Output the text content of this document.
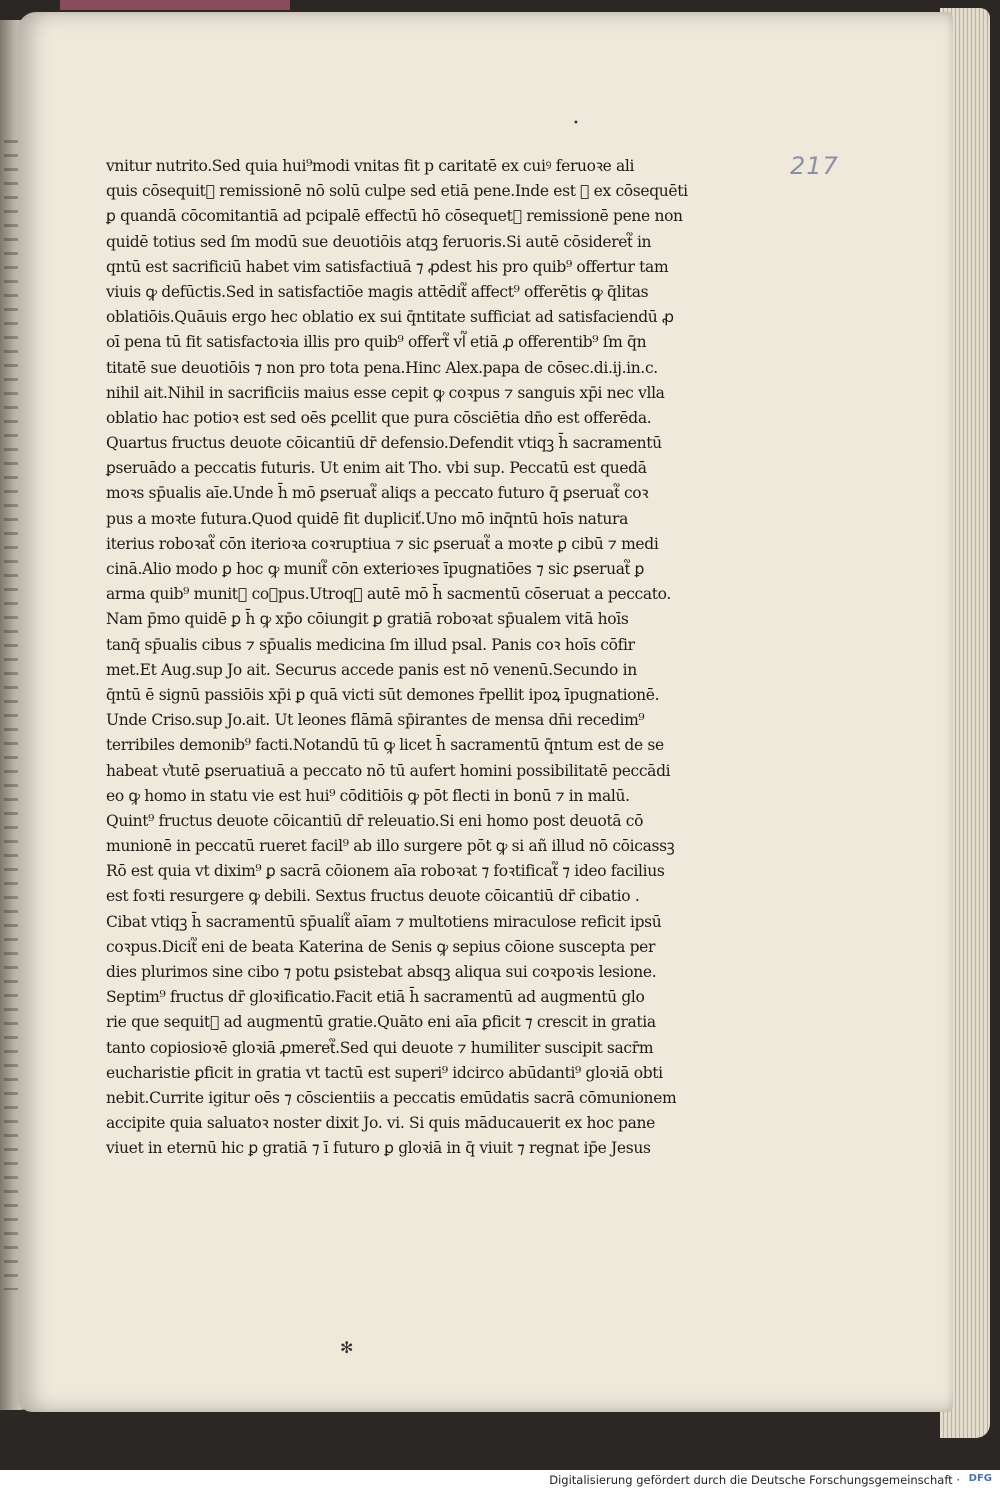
•
217
vnitur nutrito.Sed quia hui⁹modi vnitas fit p caritatē ex cuiꝰ feruoꝛe ali
quis cōsequit᷑ remissionē nō solū culpe sed etiā pene.Inde est ꝙ ex cōsequēti
ꝑ quandā cōcomitantiā ad pcipalē effectū hō cōsequet᷑ remissionē pene non
quidē totius sed ſm modū sue deuotiōis atqꝫ feruoris.Si autē cōsideret᷑ in
qntū est sacrificiū habet vim satisfactiuā ⁊ ꝓdest his pro quib⁹ offertur tam
viuis ꝙ defūctis.Sed in satisfactiōe magis attēdit᷑ affect⁹ offerētis ꝙ q̄litas
oblatiōis.Quāuis ergo hec oblatio ex sui q̄ntitate sufficiat ad satisfaciendū ꝓ
oī pena tū fit satisfactoꝛia illis pro quib⁹ offert᷑ vl᷑ etiā ꝓ offerentib⁹ ſm q̄n
titatē sue deuotiōis ⁊ non pro tota pena.Hinc Alex.papa de cōsec.di.ij.in.c.
nihil ait.Nihil in sacrificiis maius esse cepit ꝙ coꝛpus ⁊ sanguis xp̄i nec vlla
oblatio hac potioꝛ est sed oēs ꝑcellit que pura cōsciētia dn̄o est offerēda.
Quartus fructus deuote cōicantiū dr̄ defensio.Defendit vtiqꝫ h̄ sacramentū
ꝑseruādo a peccatis futuris. Ut enim ait Tho. vbi sup. Peccatū est quedā
moꝛs sp̄ualis aīe.Unde h̄ mō ꝑseruat᷑ aliqs a peccato futuro q̄ ꝑseruat᷑ coꝛ
pus a moꝛte futura.Quod quidē fit dupliciť.Uno mō inq̄ntū hoīs natura
iterius roboꝛat᷑ cōn iterioꝛa coꝛruptiua ⁊ sic ꝑseruat᷑ a moꝛte ꝑ cibū ⁊ medi
cinā.Alio modo ꝑ hoc ꝙ munit᷑ cōn exterioꝛes īpugnatiōes ⁊ sic ꝑseruat᷑ ꝑ
arma quib⁹ munit᷑ coꝛpus.Utroqꝫ autē mō h̄ sacmentū cōseruat a peccato.
Nam p̄mo quidē ꝑ h̄ ꝙ xp̄o cōiungit ꝑ gratiā roboꝛat sp̄ualem vitā hoīs
tanq̄ sp̄ualis cibus ⁊ sp̄ualis medicina ſm illud psal. Panis coꝛ hoīs cōfir
met.Et Aug.sup Jo ait. Securus accede panis est nō venenū.Secundo in
q̄ntū ē signū passiōis xp̄i ꝑ quā victi sūt demones r̄pellit ipoꝝ īpugnationē.
Unde Criso.sup Jo.ait. Ut leones flāmā sp̄irantes de mensa dn̄i recedim⁹
terribiles demonib⁹ facti.Notandū tū ꝙ licet h̄ sacramentū q̄ntum est de se
habeat v͛tutē ꝑseruatiuā a peccato nō tū aufert homini possibilitatē peccādi
eo ꝙ homo in statu vie est hui⁹ cōditiōis ꝙ pōt flecti in bonū ⁊ in malū.
Quint⁹ fructus deuote cōicantiū dr̄ releuatio.Si eni homo post deuotā cō
munionē in peccatū rueret facil⁹ ab illo surgere pōt ꝙ si añ illud nō cōicassꝫ
Rō est quia vt dixim⁹ ꝑ sacrā cōionem aīa roboꝛat ⁊ foꝛtificat᷑ ⁊ ideo facilius
est foꝛti resurgere ꝙ debili. Sextus fructus deuote cōicantiū dr̄ cibatio .
Cibat vtiqꝫ h̄ sacramentū sp̄ualit᷑ aīam ⁊ multotiens miraculose reficit ipsū
coꝛpus.Dicit᷑ eni de beata Katerina de Senis ꝙ sepius cōione suscepta per
dies plurimos sine cibo ⁊ potu ꝑsistebat absqꝫ aliqua sui coꝛpoꝛis lesione.
Septim⁹ fructus dr̄ gloꝛificatio.Facit etiā h̄ sacramentū ad augmentū glo
rie que sequit᷑ ad augmentū gratie.Quāto eni aīa ꝑficit ⁊ crescit in gratia
tanto copiosioꝛē gloꝛiā ꝓmeret᷑.Sed qui deuote ⁊ humiliter suscipit sacr̄m
eucharistie ꝑficit in gratia vt tactū est superi⁹ idcirco abūdanti⁹ gloꝛiā obti
nebit.Currite igitur oēs ⁊ cōscientiis a peccatis emūdatis sacrā cōmunionem
accipite quia saluatoꝛ noster dixit Jo. vi. Si quis māducauerit ex hoc pane
viuet in eternū hic ꝑ gratiā ⁊ ī futuro ꝑ gloꝛiā in q̄ viuit ⁊ regnat ip̄e Jesus
✻
Digitalisierung gefördert durch die Deutsche Forschungsgemeinschaft · DFG
